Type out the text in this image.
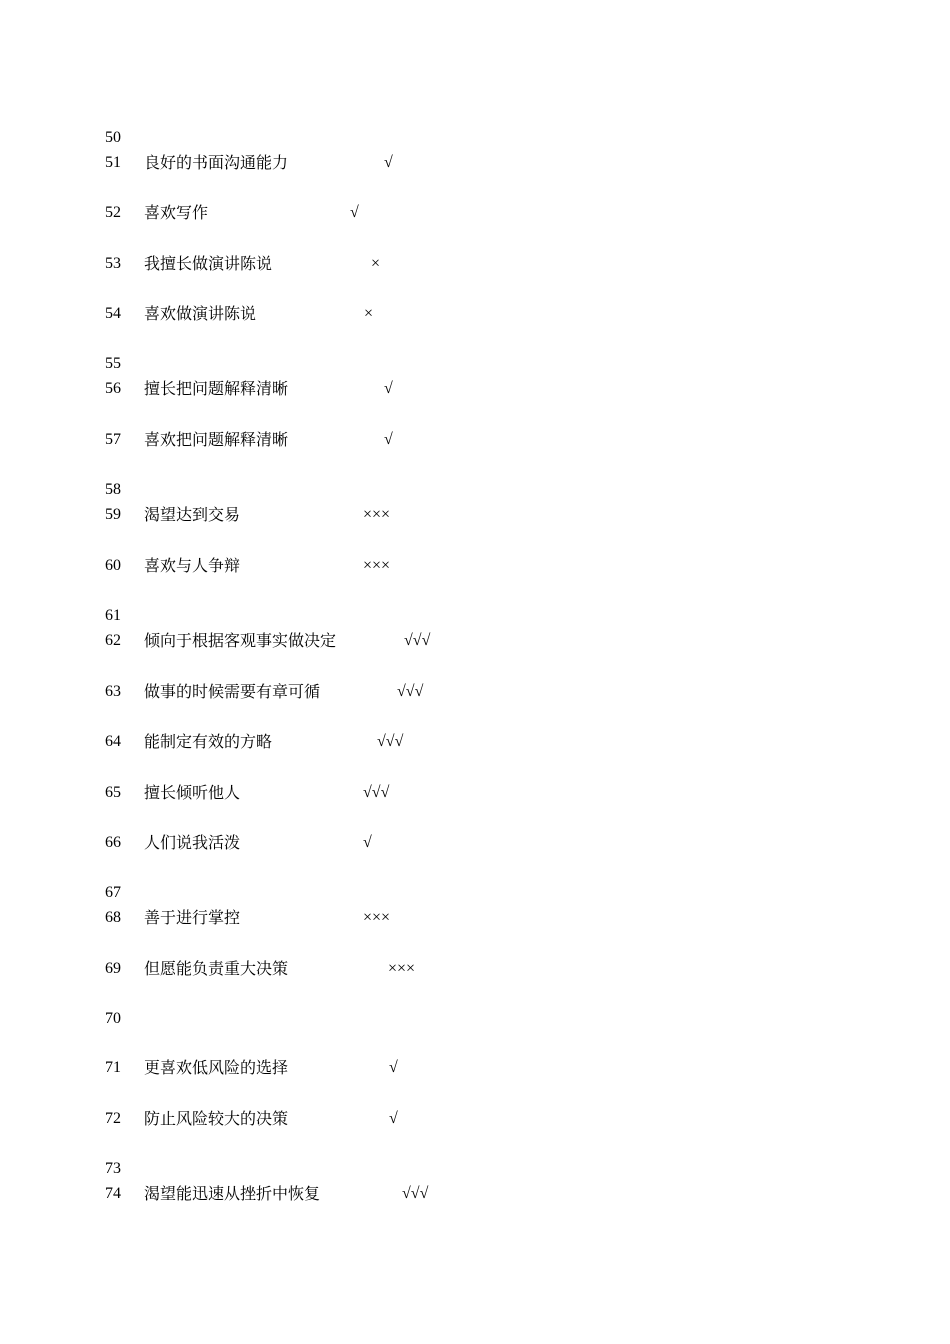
50
51 良好的书面沟通能力	√
52 喜欢写作	√
53 我擅长做演讲陈说	×
54 喜欢做演讲陈说	×
55
56 擅长把问题解释清晰	√
57 喜欢把问题解释清晰	√
58
59 渴望达到交易	×××
60 喜欢与人争辩	×××
61
62 倾向于根据客观事实做决定	√√√
63 做事的时候需要有章可循	√√√
64 能制定有效的方略	√√√
65 擅长倾听他人	√√√
66 人们说我活泼	√
67
68 善于进行掌控	×××
69 但愿能负责重大决策	×××
70
71 更喜欢低风险的选择	√
72 防止风险较大的决策	√
73
74 渴望能迅速从挫折中恢复	√√√
